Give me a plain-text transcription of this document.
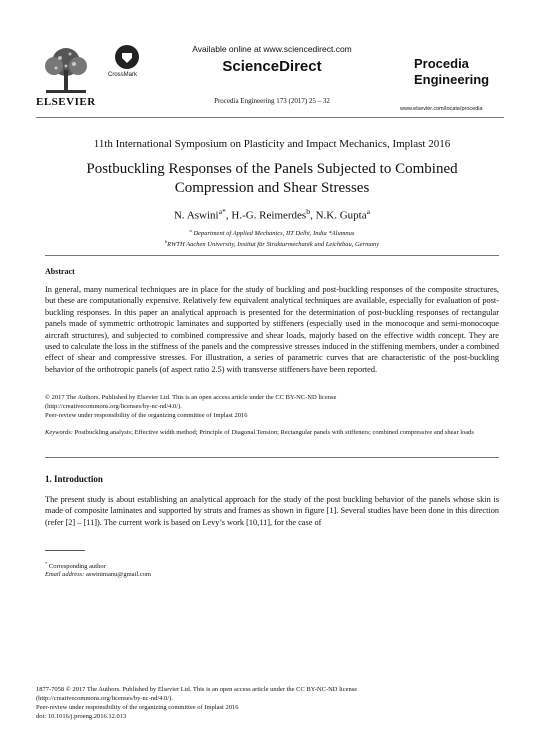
ELSEVIER
CrossMark
Available online at www.sciencedirect.com
ScienceDirect
Procedia Engineering 173 (2017) 25 – 32
Procedia
Engineering
www.elsevier.com/locate/procedia
11th International Symposium on Plasticity and Impact Mechanics, Implast 2016
Postbuckling Responses of the Panels Subjected to Combined
Compression and Shear Stresses
N. Aswini$^{a*}$, H.-G. Reimerdes$^b$, N.K. Gupta$^a$
$^a$ Department of Applied Mechanics, IIT Delhi, India *Alumnus
$^b$RWTH Aachen University, Institut für Strukturmechanik und Leichtbau, Germany
Abstract
In general, many numerical techniques are in place for the study of buckling and post-buckling responses of the composite structures, but these are computationally expensive. Relatively few equivalent analytical techniques are available, especially for evaluation of post-buckling responses. In this paper an analytical approach is presented for the determination of post-buckling responses of rectangular panels made of symmetric orthotropic laminates and supported by stiffeners (especially used in the monocoque and semi-monocoque aircraft structures), and subjected to combined compressive and shear loads, majorly based on the effective width concept. They are used to calculate the loss in the stiffness of the panels and the compressive stresses induced in the stiffening members, under a combined effect of shear and compressive stresses. For illustration, a series of parametric curves that are characteristic of the post-buckling behavior of the orthotropic panels (of aspect ratio 2.5) with transverse stiffeners have been reported.
© 2017 The Authors. Published by Elsevier Ltd. This is an open access article under the CC BY-NC-ND license
(http://creativecommons.org/licenses/by-nc-nd/4.0/).
Peer-review under responsibility of the organizing committee of Implast 2016
Keywords: Postbuckling analysis; Effective width method; Principle of Diagonal Tension; Rectangular panels with stiffeners; combined compressive and shear loads
1. Introduction
The present study is about establishing an analytical approach for the study of the post buckling behavior of the panels whose skin is made of composite laminates and supported by struts and frames as shown in figure [1]. Several studies have been done in this direction (refer [2] – [11]). The current work is based on Levy’s work [10,11], for the case of
* Corresponding author
Email address: aswinimanu@gmail.com
1877-7058 © 2017 The Authors. Published by Elsevier Ltd. This is an open access article under the CC BY-NC-ND license
(http://creativecommons.org/licenses/by-nc-nd/4.0/).
Peer-review under responsibility of the organizing committee of Implast 2016
doi: 10.1016/j.proeng.2016.12.013
